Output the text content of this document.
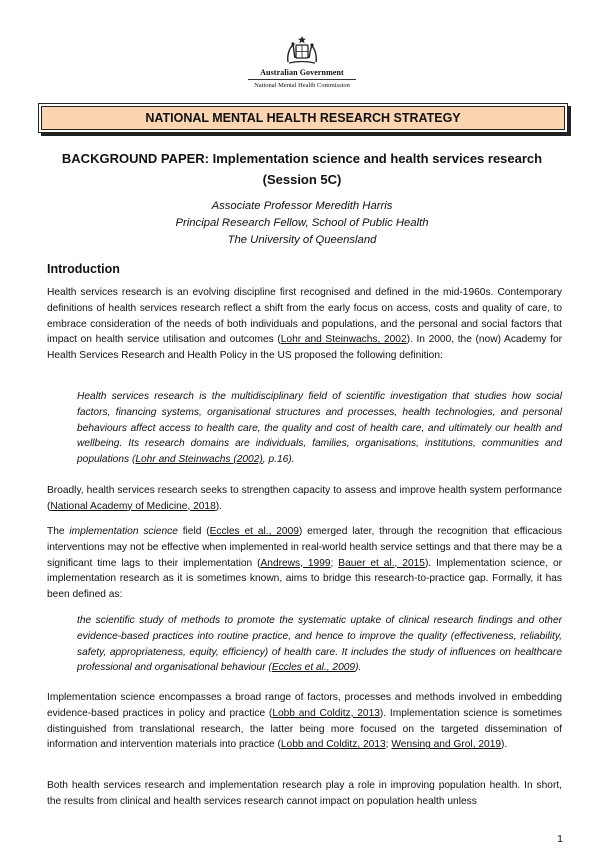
Australian Government
National Mental Health Commission
NATIONAL MENTAL HEALTH RESEARCH STRATEGY
BACKGROUND PAPER: Implementation science and health services research
(Session 5C)
Associate Professor Meredith Harris
Principal Research Fellow, School of Public Health
The University of Queensland
Introduction

Health services research is an evolving discipline first recognised and defined in the mid-1960s. Contemporary definitions of health services research reflect a shift from the early focus on access, costs and quality of care, to embrace consideration of the needs of both individuals and populations, and the personal and social factors that impact on health service utilisation and outcomes (Lohr and Steinwachs, 2002). In 2000, the (now) Academy for Health Services Research and Health Policy in the US proposed the following definition:

Health services research is the multidisciplinary field of scientific investigation that studies how social factors, financing systems, organisational structures and processes, health technologies, and personal behaviours affect access to health care, the quality and cost of health care, and ultimately our health and wellbeing. Its research domains are individuals, families, organisations, institutions, communities and populations (Lohr and Steinwachs (2002), p.16).

Broadly, health services research seeks to strengthen capacity to assess and improve health system performance (National Academy of Medicine, 2018).

The implementation science field (Eccles et al., 2009) emerged later, through the recognition that efficacious interventions may not be effective when implemented in real-world health service settings and that there may be a significant time lags to their implementation (Andrews, 1999; Bauer et al., 2015). Implementation science, or implementation research as it is sometimes known, aims to bridge this research-to-practice gap. Formally, it has been defined as:

the scientific study of methods to promote the systematic uptake of clinical research findings and other evidence-based practices into routine practice, and hence to improve the quality (effectiveness, reliability, safety, appropriateness, equity, efficiency) of health care. It includes the study of influences on healthcare professional and organisational behaviour (Eccles et al., 2009).

Implementation science encompasses a broad range of factors, processes and methods involved in embedding evidence-based practices in policy and practice (Lobb and Colditz, 2013). Implementation science is sometimes distinguished from translational research, the latter being more focused on the targeted dissemination of information and intervention materials into practice (Lobb and Colditz, 2013; Wensing and Grol, 2019).

Both health services research and implementation research play a role in improving population health. In short, the results from clinical and health services research cannot impact on population health unless

1
